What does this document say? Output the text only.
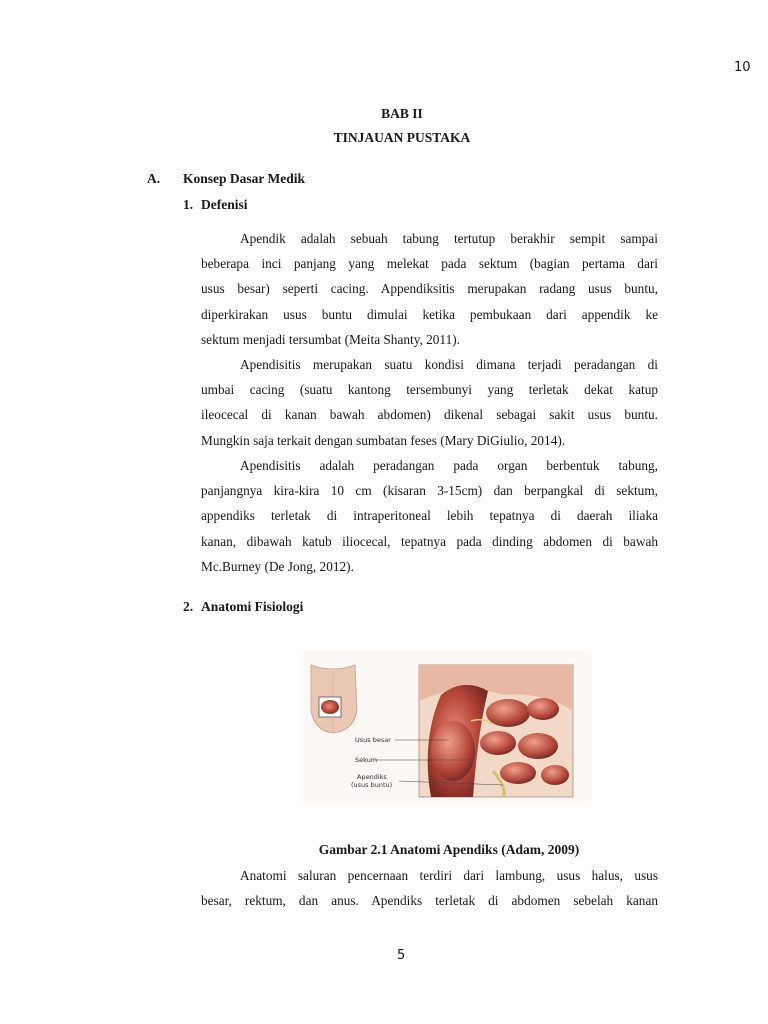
10
BAB II
TINJAUAN PUSTAKA
A. Konsep Dasar Medik
1. Defenisi
Apendik adalah sebuah tabung tertutup berakhir sempit sampai
beberapa inci panjang yang melekat pada sektum (bagian pertama dari
usus besar) seperti cacing. Appendiksitis merupakan radang usus buntu,
diperkirakan usus buntu dimulai ketika pembukaan dari appendik ke
sektum menjadi tersumbat (Meita Shanty, 2011).
Apendisitis merupakan suatu kondisi dimana terjadi peradangan di
umbai cacing (suatu kantong tersembunyi yang terletak dekat katup
ileocecal di kanan bawah abdomen) dikenal sebagai sakit usus buntu.
Mungkin saja terkait dengan sumbatan feses (Mary DiGiulio, 2014).
Apendisitis adalah peradangan pada organ berbentuk tabung,
panjangnya kira-kira 10 cm (kisaran 3-15cm) dan berpangkal di sektum,
appendiks terletak di intraperitoneal lebih tepatnya di daerah iliaka
kanan, dibawah katub iliocecal, tepatnya pada dinding abdomen di bawah
Mc.Burney (De Jong, 2012).
2. Anatomi Fisiologi
Usus besar
Sekum
Apendiks
(usus buntu)
Gambar 2.1 Anatomi Apendiks (Adam, 2009)
Anatomi saluran pencernaan terdiri dari lambung, usus halus, usus
besar, rektum, dan anus. Apendiks terletak di abdomen sebelah kanan
5
